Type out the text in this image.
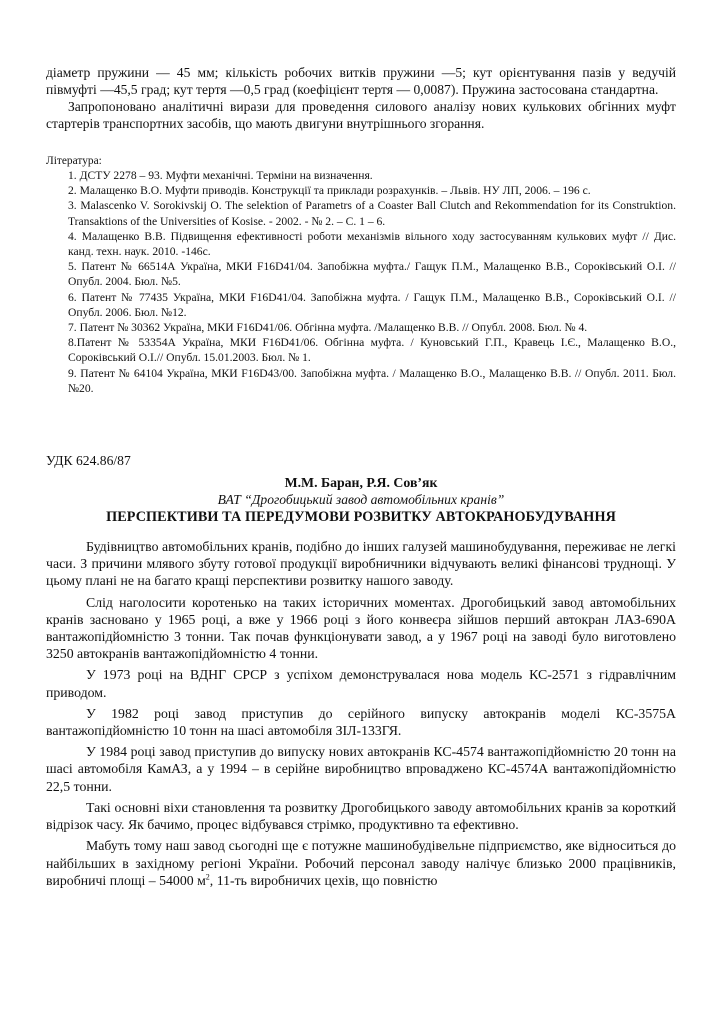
діаметр пружини — 45 мм; кількість робочих витків пружини —5; кут орієнтування пазів у ведучій півмуфті —45,5 град; кут тертя —0,5 град (коефіцієнт тертя — 0,0087). Пружина застосована стандартна.

Запропоновано аналітичні вирази для проведення силового аналізу нових кулькових обгінних муфт стартерів транспортних засобів, що мають двигуни внутрішнього згорання.

Література:
1. ДСТУ 2278 – 93. Муфти механічні. Терміни на визначення.
2. Малащенко В.О. Муфти приводів. Конструкції та приклади розрахунків. – Львів. НУ ЛП, 2006. – 196 с.
3. Malascenko V. Sorokivskij O. The selektion of Parametrs of a Coaster Ball Clutch and Rekommendation for its Construktion. Transaktions of the Universities of Kosise. - 2002. - № 2. – С. 1 – 6.
4. Малащенко В.В. Підвищення ефективності роботи механізмів вільного ходу застосуванням кулькових муфт // Дис. канд. техн. наук. 2010. -146с.
5. Патент № 66514А Україна, МКИ F16D41/04. Запобіжна муфта./ Гащук П.М., Малащенко В.В., Сороківський О.І. // Опубл. 2004. Бюл. №5.
6. Патент № 77435 Україна, МКИ F16D41/04. Запобіжна муфта. / Гащук П.М., Малащенко В.В., Сороківський О.І. // Опубл. 2006. Бюл. №12.
7. Патент № 30362 Україна, МКИ F16D41/06. Обгінна муфта. /Малащенко В.В. // Опубл. 2008. Бюл. № 4.
8.Патент № 53354А Україна, МКИ F16D41/06. Обгінна муфта. / Куновський Г.П., Кравець І.Є., Малащенко В.О., Сороківський О.І.// Опубл. 15.01.2003. Бюл. № 1.
9. Патент № 64104 Україна, МКИ F16D43/00. Запобіжна муфта. / Малащенко В.О., Малащенко В.В. // Опубл. 2011. Бюл. №20.
УДК 624.86/87
М.М. Баран, Р.Я. Сов’як
ВАТ “Дрогобицький завод автомобільних кранів”
ПЕРСПЕКТИВИ ТА ПЕРЕДУМОВИ РОЗВИТКУ АВТОКРАНОБУДУВАННЯ

Будівництво автомобільних кранів, подібно до інших галузей машинобудування, переживає не легкі часи. З причини млявого збуту готової продукції виробничники відчувають великі фінансові труднощі. У цьому плані не на багато кращі перспективи розвитку нашого заводу.

Слід наголосити коротенько на таких історичних моментах. Дрогобицький завод автомобільних кранів засновано у 1965 році, а вже у 1966 році з його конвеєра зійшов перший автокран ЛАЗ-690А вантажопідйомністю 3 тонни. Так почав функціонувати завод, а у 1967 році на заводі було виготовлено 3250 автокранів вантажопідйомністю 4 тонни.

У 1973 році на ВДНГ СРСР з успіхом демонструвалася нова модель КС-2571 з гідравлічним приводом.

У 1982 році завод приступив до серійного випуску автокранів моделі КС-3575А вантажопідйомністю 10 тонн на шасі автомобіля ЗІЛ-133ГЯ.

У 1984 році завод приступив до випуску нових автокранів КС-4574 вантажопідйомністю 20 тонн на шасі автомобіля КамАЗ, а у 1994 – в серійне виробництво впроваджено КС-4574А вантажопідйомністю 22,5 тонни.

Такі основні віхи становлення та розвитку Дрогобицького заводу автомобільних кранів за короткий відрізок часу. Як бачимо, процес відбувався стрімко, продуктивно та ефективно.

Мабуть тому наш завод сьогодні ще є потужне машинобудівельне підприємство, яке відноситься до найбільших в західному регіоні України. Робочий персонал заводу налічує близько 2000 працівників, виробничі площі – 54000 $м^2$, 11-ть виробничих цехів, що повністю
